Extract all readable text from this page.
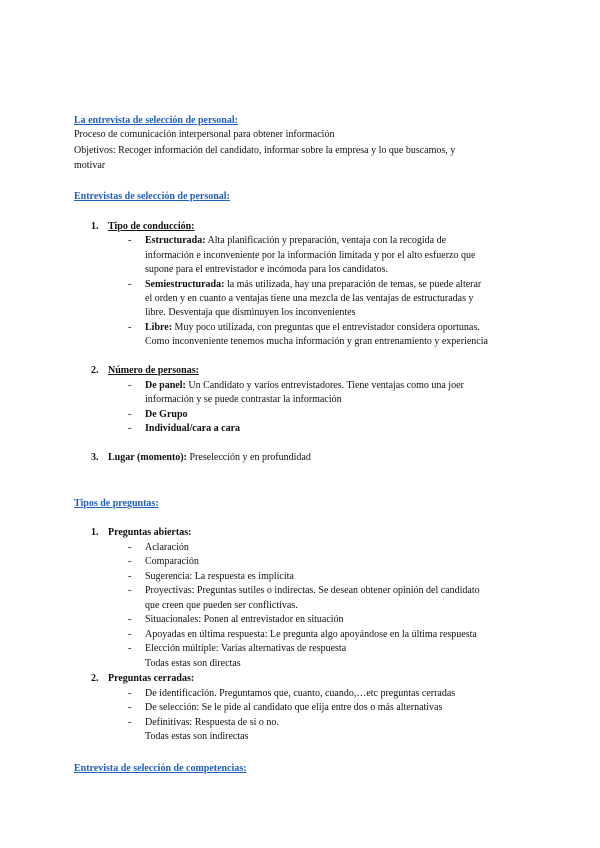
La entrevista de selección de personal:
Proceso de comunicación interpersonal para obtener información
Objetivos: Recoger información del candidato, informar sobre la empresa y lo que buscamos, y
motivar
Entrevistas de selección de personal:
1. Tipo de conducción:
- Estructurada: Alta planificación y preparación, ventaja con la recogida de
información e inconveniente por la información limitada y por el alto esfuerzo que
supone para el entrevistador e incómoda para los candidatos.
- Semiestructurada: la más utilizada, hay una preparación de temas, se puede alterar
el orden y en cuanto a ventajas tiene una mezcla de las ventajas de estructuradas y
libre. Desventaja que disminuyen los inconvenientes
- Libre: Muy poco utilizada, con preguntas que el entrevistador considera oportunas.
Como inconveniente tenemos mucha información y gran entrenamiento y experiencia
2. Número de personas:
- De panel: Un Candidato y varios entrevistadores. Tiene ventajas como una joer
información y se puede contrastar la información
- De Grupo
- Individual/cara a cara
3. Lugar (momento): Preselección y en profundidad
Tipos de preguntas:
1. Preguntas abiertas:
- Aclaración
- Comparación
- Sugerencia: La respuesta es implícita
- Proyectivas: Preguntas sutiles o indirectas. Se desean obtener opinión del candidato
que creen que pueden ser conflictivas.
- Situacionales: Ponen al entrevistador en situación
- Apoyadas en última respuesta: Le pregunta algo apoyándose en la última respuesta
- Elección múltiple: Varias alternativas de respuesta
Todas estas son directas
2. Preguntas cerradas:
- De identificación. Preguntamos que, cuanto, cuando,…etc preguntas cerradas
- De selección: Se le pide al candidato que elija entre dos o más alternativas
- Definitivas: Respuesta de sí o no.
Todas estas son indirectas
Entrevista de selección de competencias:
